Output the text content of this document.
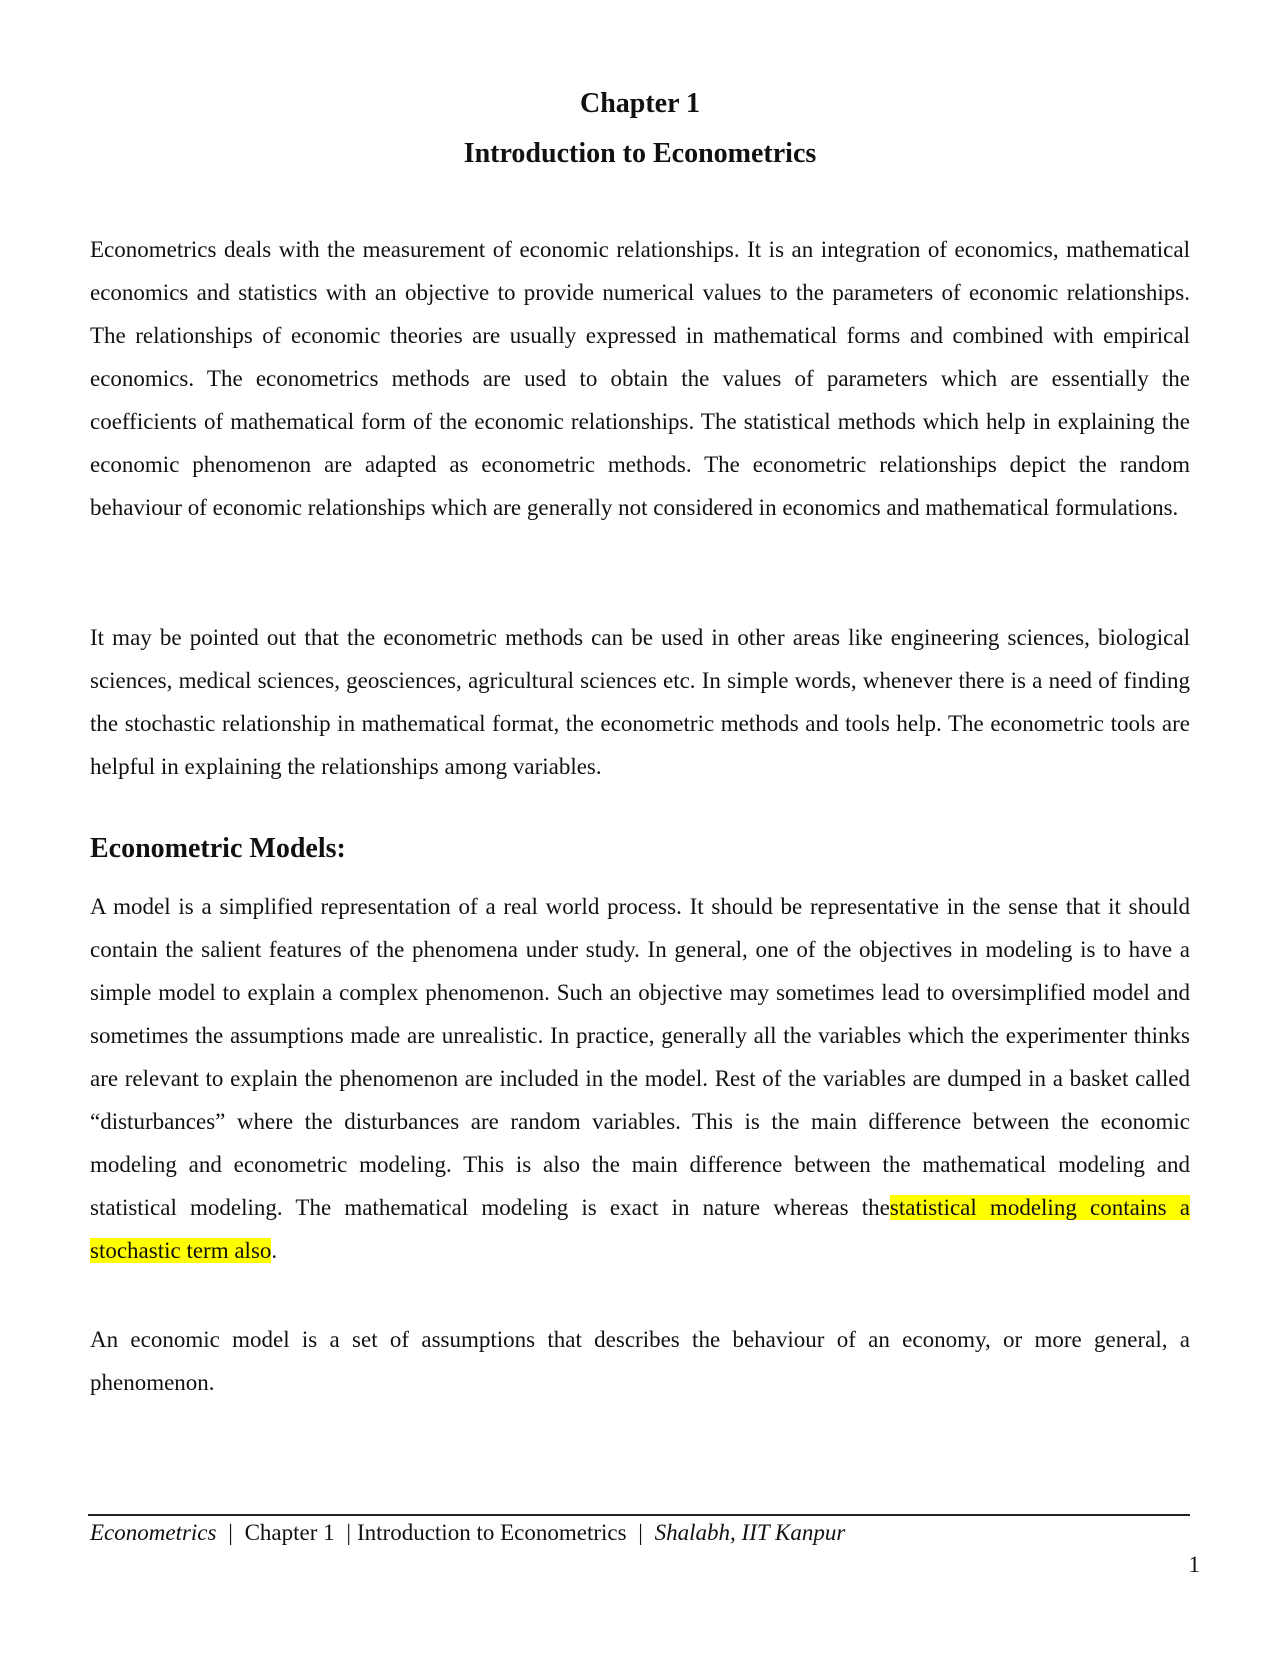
Chapter 1
Introduction to Econometrics

Econometrics deals with the measurement of economic relationships. It is an integration of economics, mathematical economics and statistics with an objective to provide numerical values to the parameters of economic relationships. The relationships of economic theories are usually expressed in mathematical forms and combined with empirical economics. The econometrics methods are used to obtain the values of parameters which are essentially the coefficients of mathematical form of the economic relationships. The statistical methods which help in explaining the economic phenomenon are adapted as econometric methods. The econometric relationships depict the random behaviour of economic relationships which are generally not considered in economics and mathematical formulations.

It may be pointed out that the econometric methods can be used in other areas like engineering sciences, biological sciences, medical sciences, geosciences, agricultural sciences etc. In simple words, whenever there is a need of finding the stochastic relationship in mathematical format, the econometric methods and tools help. The econometric tools are helpful in explaining the relationships among variables.

Econometric Models:

A model is a simplified representation of a real world process. It should be representative in the sense that it should contain the salient features of the phenomena under study. In general, one of the objectives in modeling is to have a simple model to explain a complex phenomenon. Such an objective may sometimes lead to oversimplified model and sometimes the assumptions made are unrealistic. In practice, generally all the variables which the experimenter thinks are relevant to explain the phenomenon are included in the model. Rest of the variables are dumped in a basket called “disturbances” where the disturbances are random variables. This is the main difference between the economic modeling and econometric modeling. This is also the main difference between the mathematical modeling and statistical modeling. The mathematical modeling is exact in nature whereas thestatistical modeling contains a stochastic term also.

An economic model is a set of assumptions that describes the behaviour of an economy, or more general, a phenomenon.

Econometrics | Chapter 1 | Introduction to Econometrics | Shalabh, IIT Kanpur
1
